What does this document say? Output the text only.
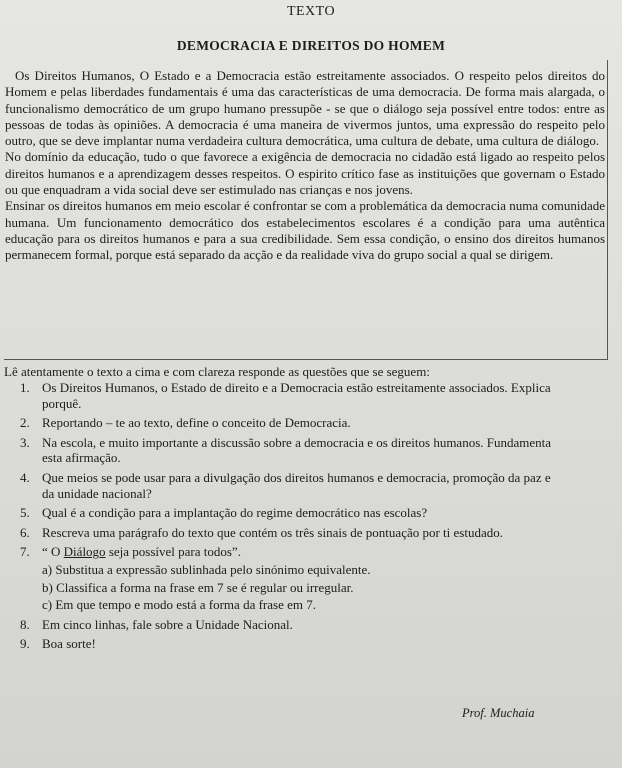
TEXTO
DEMOCRACIA E DIREITOS DO HOMEM

Os Direitos Humanos, O Estado e a Democracia estão estreitamente associados. O respeito pelos direitos do Homem e pelas liberdades fundamentais é uma das características de uma democracia. De forma mais alargada, o funcionalismo democrático de um grupo humano pressupõe - se que o diálogo seja possível entre todos: entre as pessoas de todas às opiniões. A democracia é uma maneira de vivermos juntos, uma expressão do respeito pelo outro, que se deve implantar numa verdadeira cultura democrática, uma cultura de debate, uma cultura de diálogo.

No domínio da educação, tudo o que favorece a exigência de democracia no cidadão está ligado ao respeito pelos direitos humanos e a aprendizagem desses respeitos. O espirito crítico fase as instituições que governam o Estado ou que enquadram a vida social deve ser estimulado nas crianças e nos jovens.

Ensinar os direitos humanos em meio escolar é confrontar se com a problemática da democracia numa comunidade humana. Um funcionamento democrático dos estabelecimentos escolares é a condição para uma autêntica educação para os direitos humanos e para a sua credibilidade. Sem essa condição, o ensino dos direitos humanos permanecem formal, porque está separado da acção e da realidade viva do grupo social a qual se dirigem.

Lê atentamente o texto a cima e com clareza responde as questões que se seguem:
1. Os Direitos Humanos, o Estado de direito e a Democracia estão estreitamente associados. Explica porquê.
2. Reportando – te ao texto, define o conceito de Democracia.
3. Na escola, e muito importante a discussão sobre a democracia e os direitos humanos. Fundamenta esta afirmação.
4. Que meios se pode usar para a divulgação dos direitos humanos e democracia, promoção da paz e da unidade nacional?
5. Qual é a condição para a implantação do regime democrático nas escolas?
6. Rescreva uma parágrafo do texto que contém os três sinais de pontuação por ti estudado.
7. “ O Diálogo seja possível para todos”.
a) Substitua a expressão sublinhada pelo sinónimo equivalente.
b) Classifica a forma na frase em 7 se é regular ou irregular.
c) Em que tempo e modo está a forma da frase em 7.
8. Em cinco linhas, fale sobre a Unidade Nacional.
9. Boa sorte!
Prof. Muchaia
